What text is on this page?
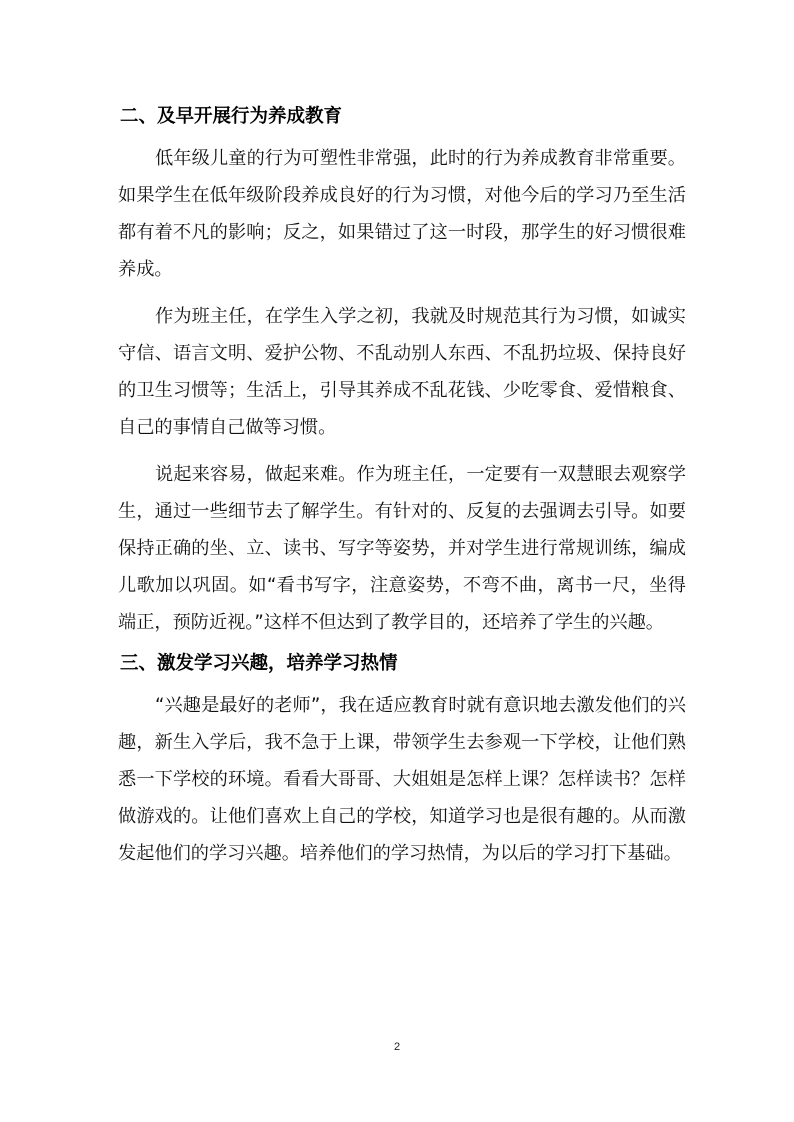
二、及早开展行为养成教育

低年级儿童的行为可塑性非常强，此时的行为养成教育非常重要。如果学生在低年级阶段养成良好的行为习惯，对他今后的学习乃至生活都有着不凡的影响；反之，如果错过了这一时段，那学生的好习惯很难养成。

作为班主任，在学生入学之初，我就及时规范其行为习惯，如诚实守信、语言文明、爱护公物、不乱动别人东西、不乱扔垃圾、保持良好的卫生习惯等；生活上，引导其养成不乱花钱、少吃零食、爱惜粮食、自己的事情自己做等习惯。

说起来容易，做起来难。作为班主任，一定要有一双慧眼去观察学生，通过一些细节去了解学生。有针对的、反复的去强调去引导。如要保持正确的坐、立、读书、写字等姿势，并对学生进行常规训练，编成儿歌加以巩固。如“看书写字，注意姿势，不弯不曲，离书一尺，坐得端正，预防近视。”这样不但达到了教学目的，还培养了学生的兴趣。

三、激发学习兴趣，培养学习热情

“兴趣是最好的老师”，我在适应教育时就有意识地去激发他们的兴趣，新生入学后，我不急于上课，带领学生去参观一下学校，让他们熟悉一下学校的环境。看看大哥哥、大姐姐是怎样上课？怎样读书？怎样做游戏的。让他们喜欢上自己的学校，知道学习也是很有趣的。从而激发起他们的学习兴趣。培养他们的学习热情，为以后的学习打下基础。

2
